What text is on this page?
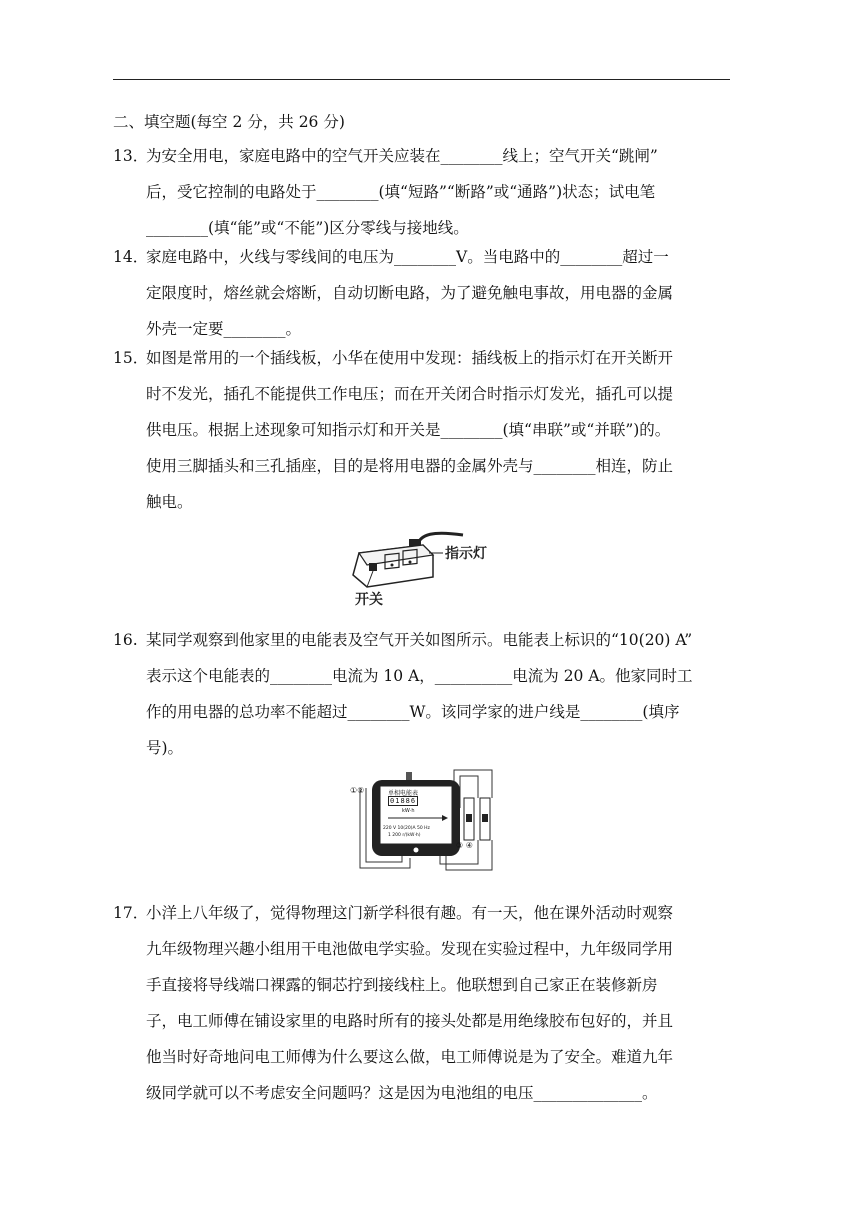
二、填空题(每空 2 分，共 26 分)
13．为安全用电，家庭电路中的空气开关应装在________线上；空气开关“跳闸”
后，受它控制的电路处于________(填“短路”“断路”或“通路”)状态；试电笔
________(填“能”或“不能”)区分零线与接地线。
14．家庭电路中，火线与零线间的电压为________V。当电路中的________超过一
定限度时，熔丝就会熔断，自动切断电路，为了避免触电事故，用电器的金属
外壳一定要________。
15．如图是常用的一个插线板，小华在使用中发现：插线板上的指示灯在开关断开
时不发光，插孔不能提供工作电压；而在开关闭合时指示灯发光，插孔可以提
供电压。根据上述现象可知指示灯和开关是________(填“串联”或“并联”)的。
使用三脚插头和三孔插座，目的是将用电器的金属外壳与________相连，防止
触电。
指示灯
开关
16. 某同学观察到他家里的电能表及空气开关如图所示。电能表上标识的“10(20) A”
表示这个电能表的________电流为 10 A，__________电流为 20 A。他家同时工
作的用电器的总功率不能超过________W。该同学家的进户线是________(填序
号)。
单相电能表
01886
kW·h
220 V 10(20)A 50 Hz
1 200 r/(kW·h)
①②
③ ④
17．小洋上八年级了，觉得物理这门新学科很有趣。有一天，他在课外活动时观察
九年级物理兴趣小组用干电池做电学实验。发现在实验过程中，九年级同学用
手直接将导线端口裸露的铜芯拧到接线柱上。他联想到自己家正在装修新房
子，电工师傅在铺设家里的电路时所有的接头处都是用绝缘胶布包好的，并且
他当时好奇地问电工师傅为什么要这么做，电工师傅说是为了安全。难道九年
级同学就可以不考虑安全问题吗？这是因为电池组的电压______________。
